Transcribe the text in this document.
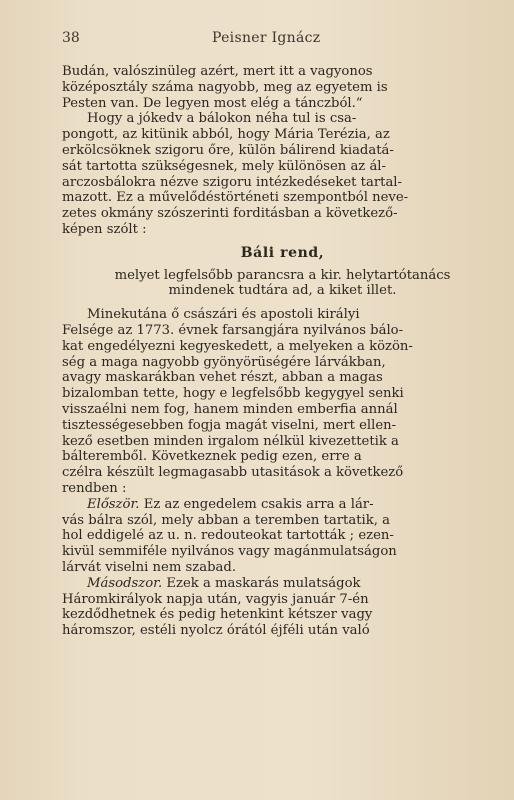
38	Peisner Ignácz
Budán, valószinüleg azért, mert itt a vagyonos
középosztály száma nagyobb, meg az egyetem is
Pesten van. De legyen most elég a tánczból.“
Hogy a jókedv a bálokon néha tul is csa-
pongott, az kitünik abból, hogy Mária Terézia, az
erkölcsöknek szigoru őre, külön bálirend kiadatá-
sát tartotta szükségesnek, mely különösen az ál-
arczosbálokra nézve szigoru intézkedéseket tartal-
mazott. Ez a művelődéstörténeti szempontból neve-
zetes okmány szószerinti forditásban a következő-
képen szólt :
Báli rend,
melyet legfelsőbb parancsra a kir. helytartótanács
mindenek tudtára ad, a kiket illet.
Minekutána ő császári és apostoli királyi
Felsége az 1773. évnek farsangjára nyilvános bálo-
kat engedélyezni kegyeskedett, a melyeken a közön-
ség a maga nagyobb gyönyörüségére lárvákban,
avagy maskarákban vehet részt, abban a magas
bizalomban tette, hogy e legfelsőbb kegygyel senki
visszaélni nem fog, hanem minden emberfia annál
tisztességesebben fogja magát viselni, mert ellen-
kező esetben minden irgalom nélkül kivezettetik a
bálteremből. Következnek pedig ezen, erre a
czélra készült legmagasabb utasitások a következő
rendben :
Először. Ez az engedelem csakis arra a lár-
vás bálra szól, mely abban a teremben tartatik, a
hol eddigelé az u. n. redouteokat tartották ; ezen-
kivül semmiféle nyilvános vagy magánmulatságon
lárvát viselni nem szabad.
Másodszor. Ezek a maskarás mulatságok
Háromkirályok napja után, vagyis január 7-én
kezdődhetnek és pedig hetenkint kétszer vagy
háromszor, estéli nyolcz órától éjféli után való
